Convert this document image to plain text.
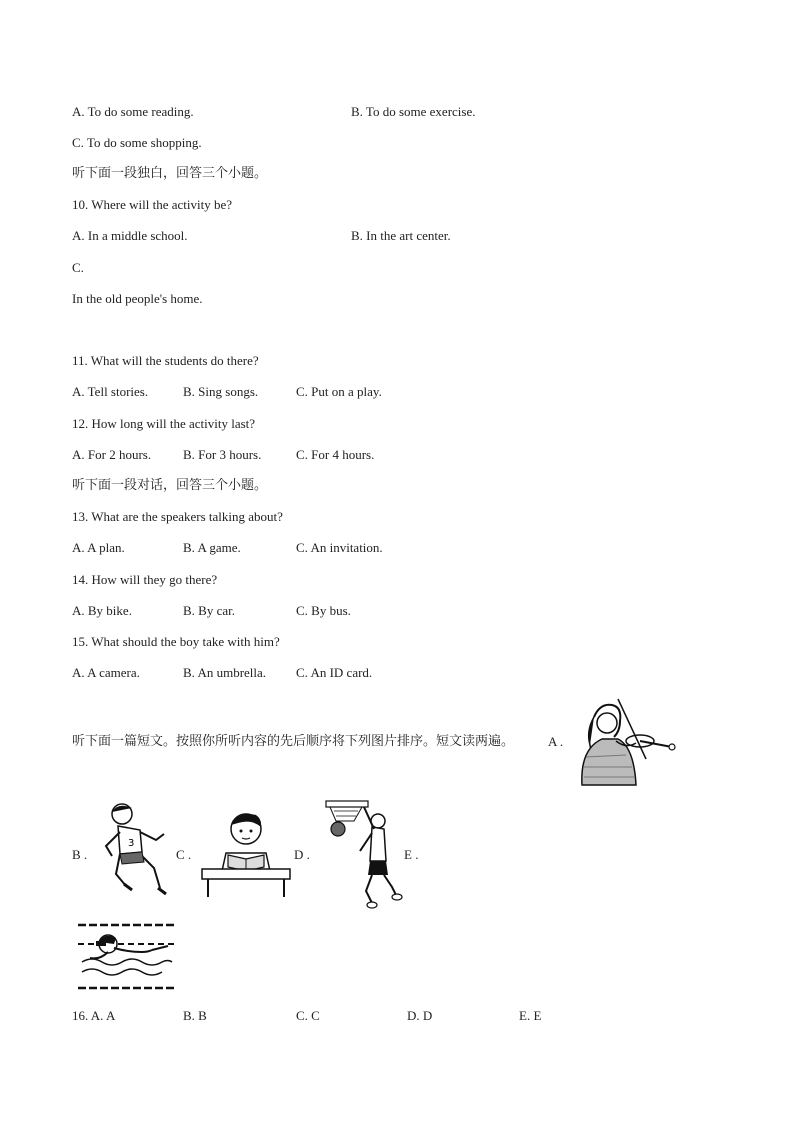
A. To do some reading.	B. To do some exercise.
C. To do some shopping.
听下面一段独白，回答三个小题。
10. Where will the activity be?
A. In a middle school.	B. In the art center.
C.
In the old people's home.
11. What will the students do there?
A. Tell stories.	B. Sing songs.	C. Put on a play.
12. How long will the activity last?
A. For 2 hours. B. For 3 hours.	C. For 4 hours.
听下面一段对话，回答三个小题。
13. What are the speakers talking about?
A. A plan.	B. A game.	C. An invitation.
14. How will they go there?
A. By bike.	B. By car.	C. By bus.
15. What should the boy take with him?
A. A camera.	B. An umbrella. C. An ID card.
听下面一篇短文。按照你所听内容的先后顺序将下列图片排序。短文读两遍。	A .
B .
3
C .	D .	E .
16. A. A	B. B	C. C	D. D	E. E
